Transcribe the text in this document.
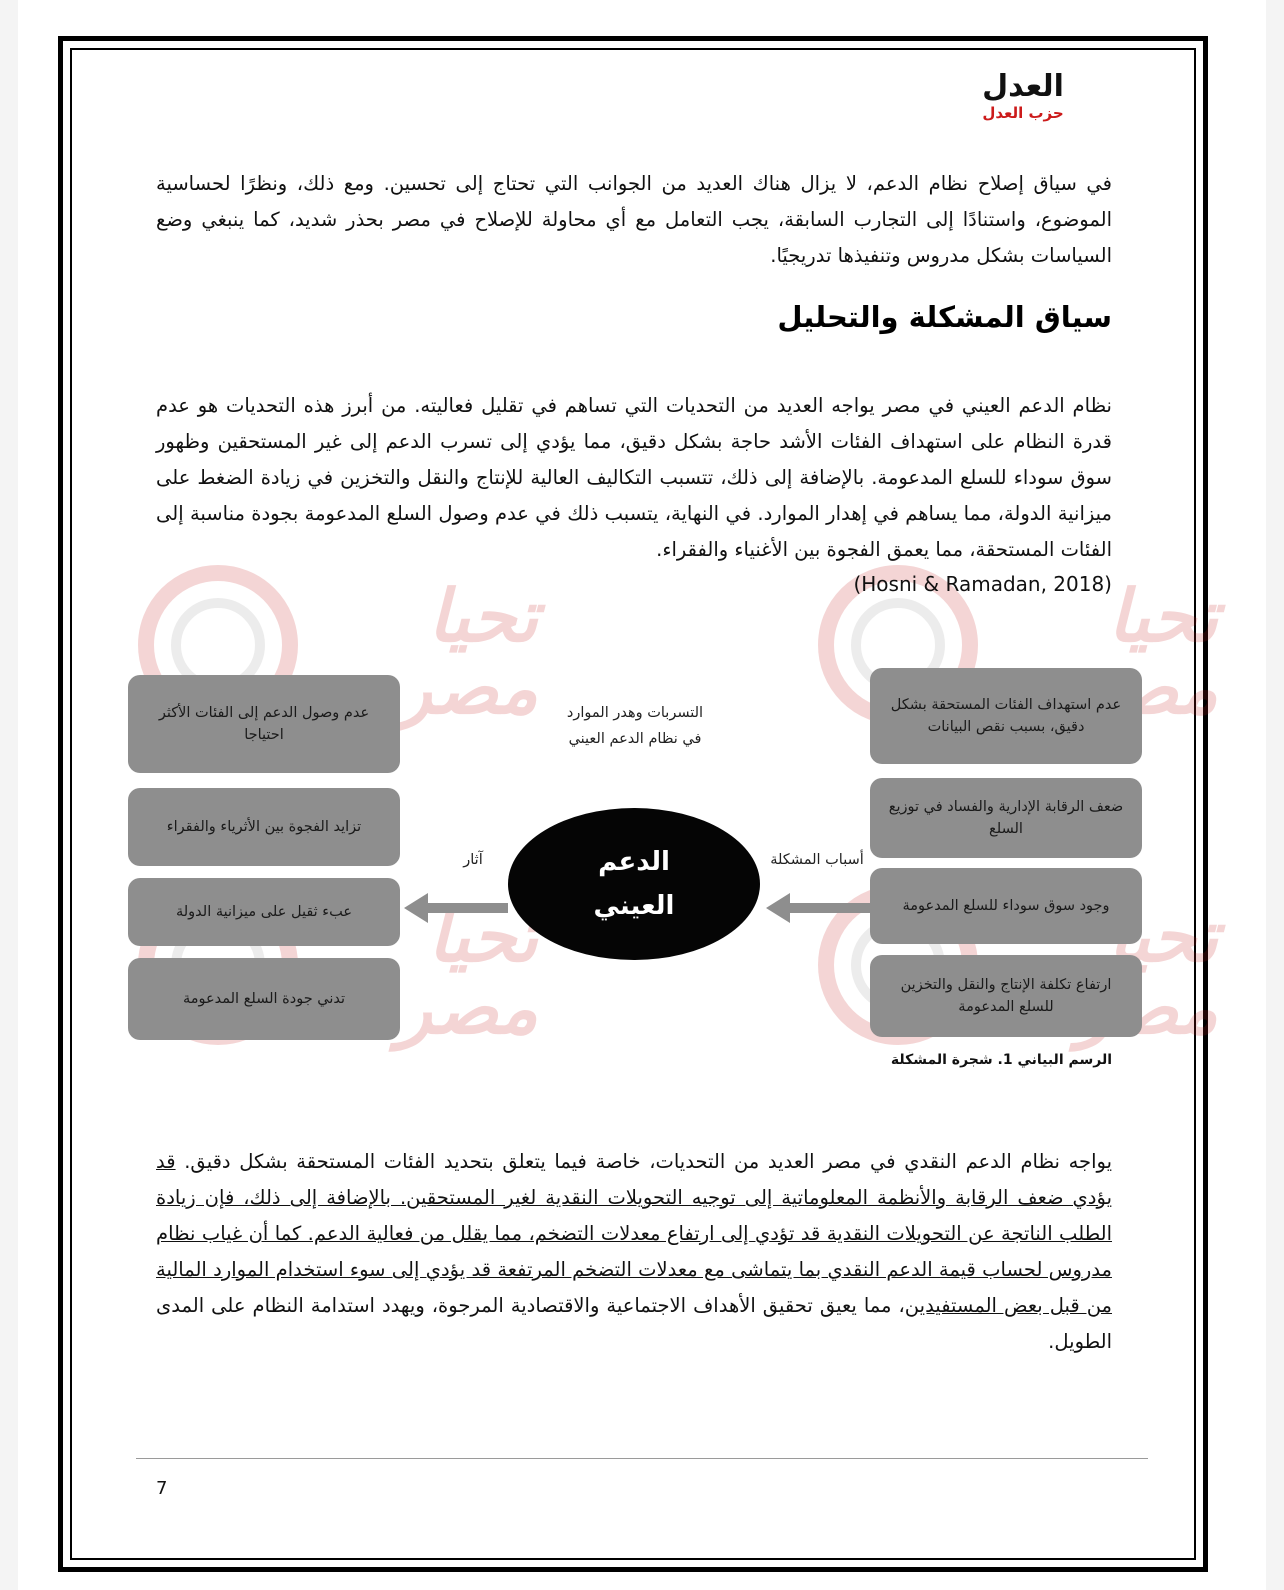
تحيا مصر
تحيا مصر
تحيا مصر
تحيا مصر
العدل
حزب العدل

في سياق إصلاح نظام الدعم، لا يزال هناك العديد من الجوانب التي تحتاج إلى تحسين. ومع ذلك، ونظرًا لحساسية الموضوع، واستنادًا إلى التجارب السابقة، يجب التعامل مع أي محاولة للإصلاح في مصر بحذر شديد، كما ينبغي وضع السياسات بشكل مدروس وتنفيذها تدريجيًا.

سياق المشكلة والتحليل

نظام الدعم العيني في مصر يواجه العديد من التحديات التي تساهم في تقليل فعاليته. من أبرز هذه التحديات هو عدم قدرة النظام على استهداف الفئات الأشد حاجة بشكل دقيق، مما يؤدي إلى تسرب الدعم إلى غير المستحقين وظهور سوق سوداء للسلع المدعومة. بالإضافة إلى ذلك، تتسبب التكاليف العالية للإنتاج والنقل والتخزين في زيادة الضغط على ميزانية الدولة، مما يساهم في إهدار الموارد. في النهاية، يتسبب ذلك في عدم وصول السلع المدعومة بجودة مناسبة إلى الفئات المستحقة، مما يعمق الفجوة بين الأغنياء والفقراء.

(Hosni & Ramadan, 2018)
التسربات وهدر الموارد في نظام الدعم العيني
عدم وصول الدعم إلى الفئات الأكثر احتياجا
تزايد الفجوة بين الأثرياء والفقراء
عبء ثقيل على ميزانية الدولة
تدني جودة السلع المدعومة
عدم استهداف الفئات المستحقة بشكل دقيق، بسبب نقص البيانات
ضعف الرقابة الإدارية والفساد في توزيع السلع
وجود سوق سوداء للسلع المدعومة
ارتفاع تكلفة الإنتاج والنقل والتخزين للسلع المدعومة
الدعم العيني
أسباب المشكلة
آثار
الرسم البياني 1. شجرة المشكلة

يواجه نظام الدعم النقدي في مصر العديد من التحديات، خاصة فيما يتعلق بتحديد الفئات المستحقة بشكل دقيق. قد يؤدي ضعف الرقابة والأنظمة المعلوماتية إلى توجيه التحويلات النقدية لغير المستحقين. بالإضافة إلى ذلك، فإن زيادة الطلب الناتجة عن التحويلات النقدية قد تؤدي إلى ارتفاع معدلات التضخم، مما يقلل من فعالية الدعم. كما أن غياب نظام مدروس لحساب قيمة الدعم النقدي بما يتماشى مع معدلات التضخم المرتفعة قد يؤدي إلى سوء استخدام الموارد المالية من قبل بعض المستفيدين، مما يعيق تحقيق الأهداف الاجتماعية والاقتصادية المرجوة، ويهدد استدامة النظام على المدى الطويل.

7
